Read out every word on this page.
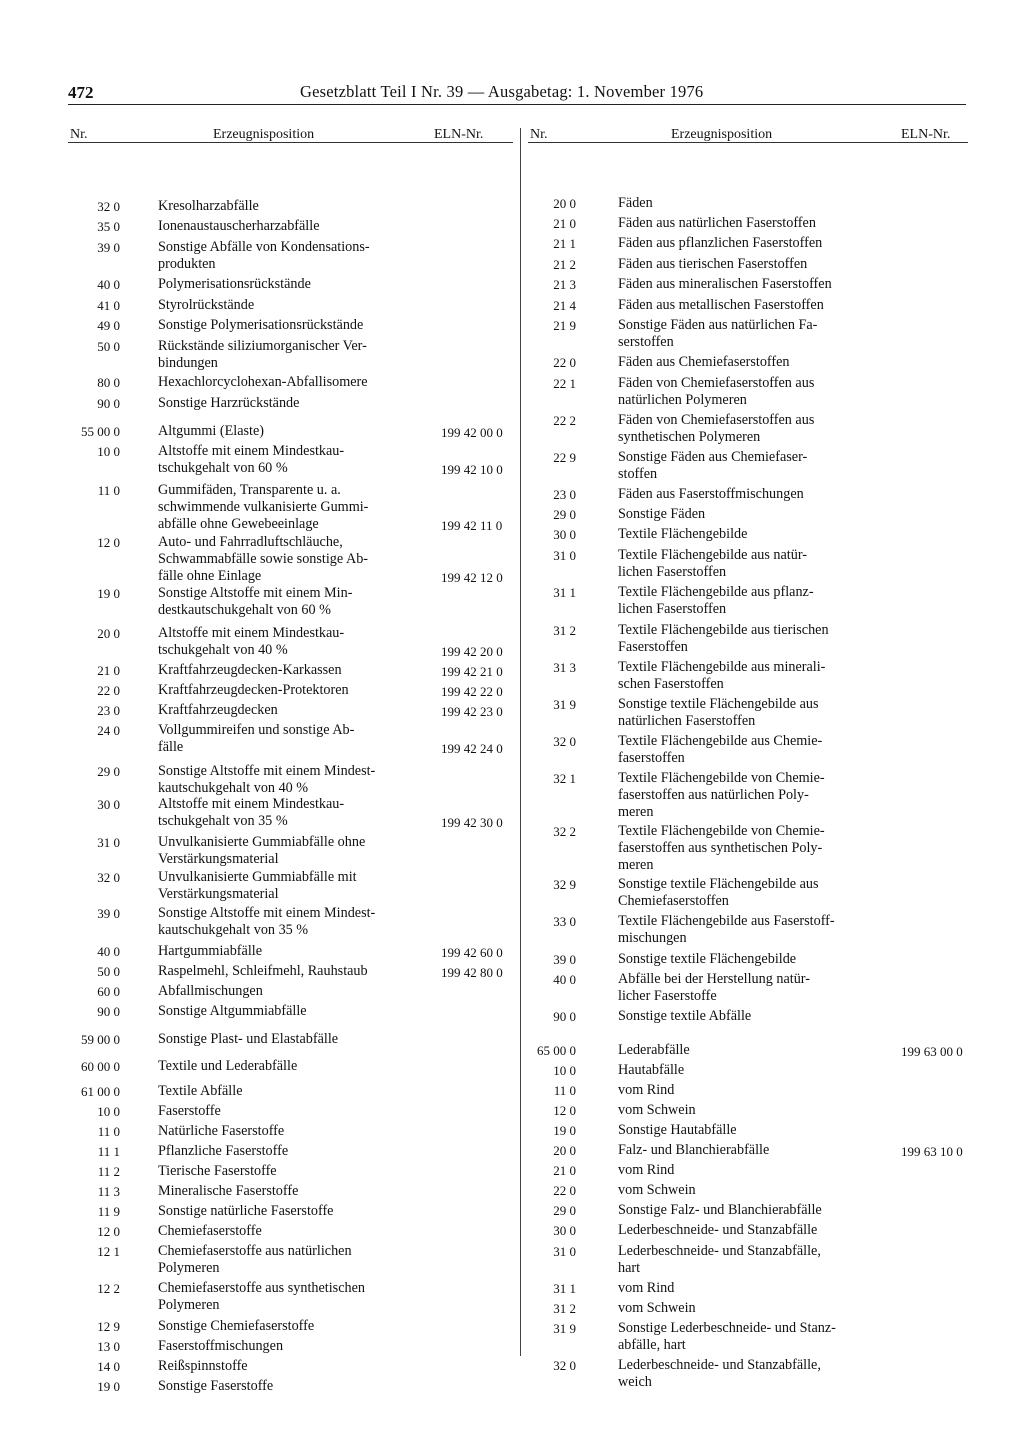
472	Gesetzblatt Teil I Nr. 39 — Ausgabetag: 1. November 1976
Nr.	Erzeugnisposition	ELN-Nr.
32 0	Kresolharzabfälle
35 0	Ionenaustauscherharzabfälle
39 0	Sonstige Abfälle von Kondensations-
produkten
40 0	Polymerisationsrückstände
41 0	Styrolrückstände
49 0	Sonstige Polymerisationsrückstände
50 0	Rückstände siliziumorganischer Ver-
bindungen
80 0	Hexachlorcyclohexan-Abfallisomere
90 0	Sonstige Harzrückstände
55 00 0	Altgummi (Elaste)	199 42 00 0
10 0	Altstoffe mit einem Mindestkau-
tschukgehalt von 60 %	199 42 10 0
11 0	Gummifäden, Transparente u. a.
schwimmende vulkanisierte Gummi-
abfälle ohne Gewebeeinlage	199 42 11 0
12 0	Auto- und Fahrradluftschläuche,
Schwammabfälle sowie sonstige Ab-
fälle ohne Einlage	199 42 12 0
19 0	Sonstige Altstoffe mit einem Min-
destkautschukgehalt von 60 %
20 0	Altstoffe mit einem Mindestkau-
tschukgehalt von 40 %	199 42 20 0
21 0	Kraftfahrzeugdecken-Karkassen	199 42 21 0
22 0	Kraftfahrzeugdecken-Protektoren	199 42 22 0
23 0	Kraftfahrzeugdecken	199 42 23 0
24 0	Vollgummireifen und sonstige Ab-
fälle	199 42 24 0
29 0	Sonstige Altstoffe mit einem Mindest-
kautschukgehalt von 40 %
30 0	Altstoffe mit einem Mindestkau-
tschukgehalt von 35 %	199 42 30 0
31 0	Unvulkanisierte Gummiabfälle ohne
Verstärkungsmaterial
32 0	Unvulkanisierte Gummiabfälle mit
Verstärkungsmaterial
39 0	Sonstige Altstoffe mit einem Mindest-
kautschukgehalt von 35 %
40 0	Hartgummiabfälle	199 42 60 0
50 0	Raspelmehl, Schleifmehl, Rauhstaub	199 42 80 0
60 0	Abfallmischungen
90 0	Sonstige Altgummiabfälle
59 00 0	Sonstige Plast- und Elastabfälle
60 00 0	Textile und Lederabfälle
61 00 0	Textile Abfälle
10 0	Faserstoffe
11 0	Natürliche Faserstoffe
11 1	Pflanzliche Faserstoffe
11 2	Tierische Faserstoffe
11 3	Mineralische Faserstoffe
11 9	Sonstige natürliche Faserstoffe
12 0	Chemiefaserstoffe
12 1	Chemiefaserstoffe aus natürlichen
Polymeren
12 2	Chemiefaserstoffe aus synthetischen
Polymeren
12 9	Sonstige Chemiefaserstoffe
13 0	Faserstoffmischungen
14 0	Reißspinnstoffe
19 0	Sonstige Faserstoffe
Nr.	Erzeugnisposition	ELN-Nr.
20 0	Fäden
21 0	Fäden aus natürlichen Faserstoffen
21 1	Fäden aus pflanzlichen Faserstoffen
21 2	Fäden aus tierischen Faserstoffen
21 3	Fäden aus mineralischen Faserstoffen
21 4	Fäden aus metallischen Faserstoffen
21 9	Sonstige Fäden aus natürlichen Fa-
serstoffen
22 0	Fäden aus Chemiefaserstoffen
22 1	Fäden von Chemiefaserstoffen aus
natürlichen Polymeren
22 2	Fäden von Chemiefaserstoffen aus
synthetischen Polymeren
22 9	Sonstige Fäden aus Chemiefaser-
stoffen
23 0	Fäden aus Faserstoffmischungen
29 0	Sonstige Fäden
30 0	Textile Flächengebilde
31 0	Textile Flächengebilde aus natür-
lichen Faserstoffen
31 1	Textile Flächengebilde aus pflanz-
lichen Faserstoffen
31 2	Textile Flächengebilde aus tierischen
Faserstoffen
31 3	Textile Flächengebilde aus minerali-
schen Faserstoffen
31 9	Sonstige textile Flächengebilde aus
natürlichen Faserstoffen
32 0	Textile Flächengebilde aus Chemie-
faserstoffen
32 1	Textile Flächengebilde von Chemie-
faserstoffen aus natürlichen Poly-
meren
32 2	Textile Flächengebilde von Chemie-
faserstoffen aus synthetischen Poly-
meren
32 9	Sonstige textile Flächengebilde aus
Chemiefaserstoffen
33 0	Textile Flächengebilde aus Faserstoff-
mischungen
39 0	Sonstige textile Flächengebilde
40 0	Abfälle bei der Herstellung natür-
licher Faserstoffe
90 0	Sonstige textile Abfälle
65 00 0	Lederabfälle	199 63 00 0
10 0	Hautabfälle
11 0	vom Rind
12 0	vom Schwein
19 0	Sonstige Hautabfälle
20 0	Falz- und Blanchierabfälle	199 63 10 0
21 0	vom Rind
22 0	vom Schwein
29 0	Sonstige Falz- und Blanchierabfälle
30 0	Lederbeschneide- und Stanzabfälle
31 0	Lederbeschneide- und Stanzabfälle,
hart
31 1	vom Rind
31 2	vom Schwein
31 9	Sonstige Lederbeschneide- und Stanz-
abfälle, hart
32 0	Lederbeschneide- und Stanzabfälle,
weich
